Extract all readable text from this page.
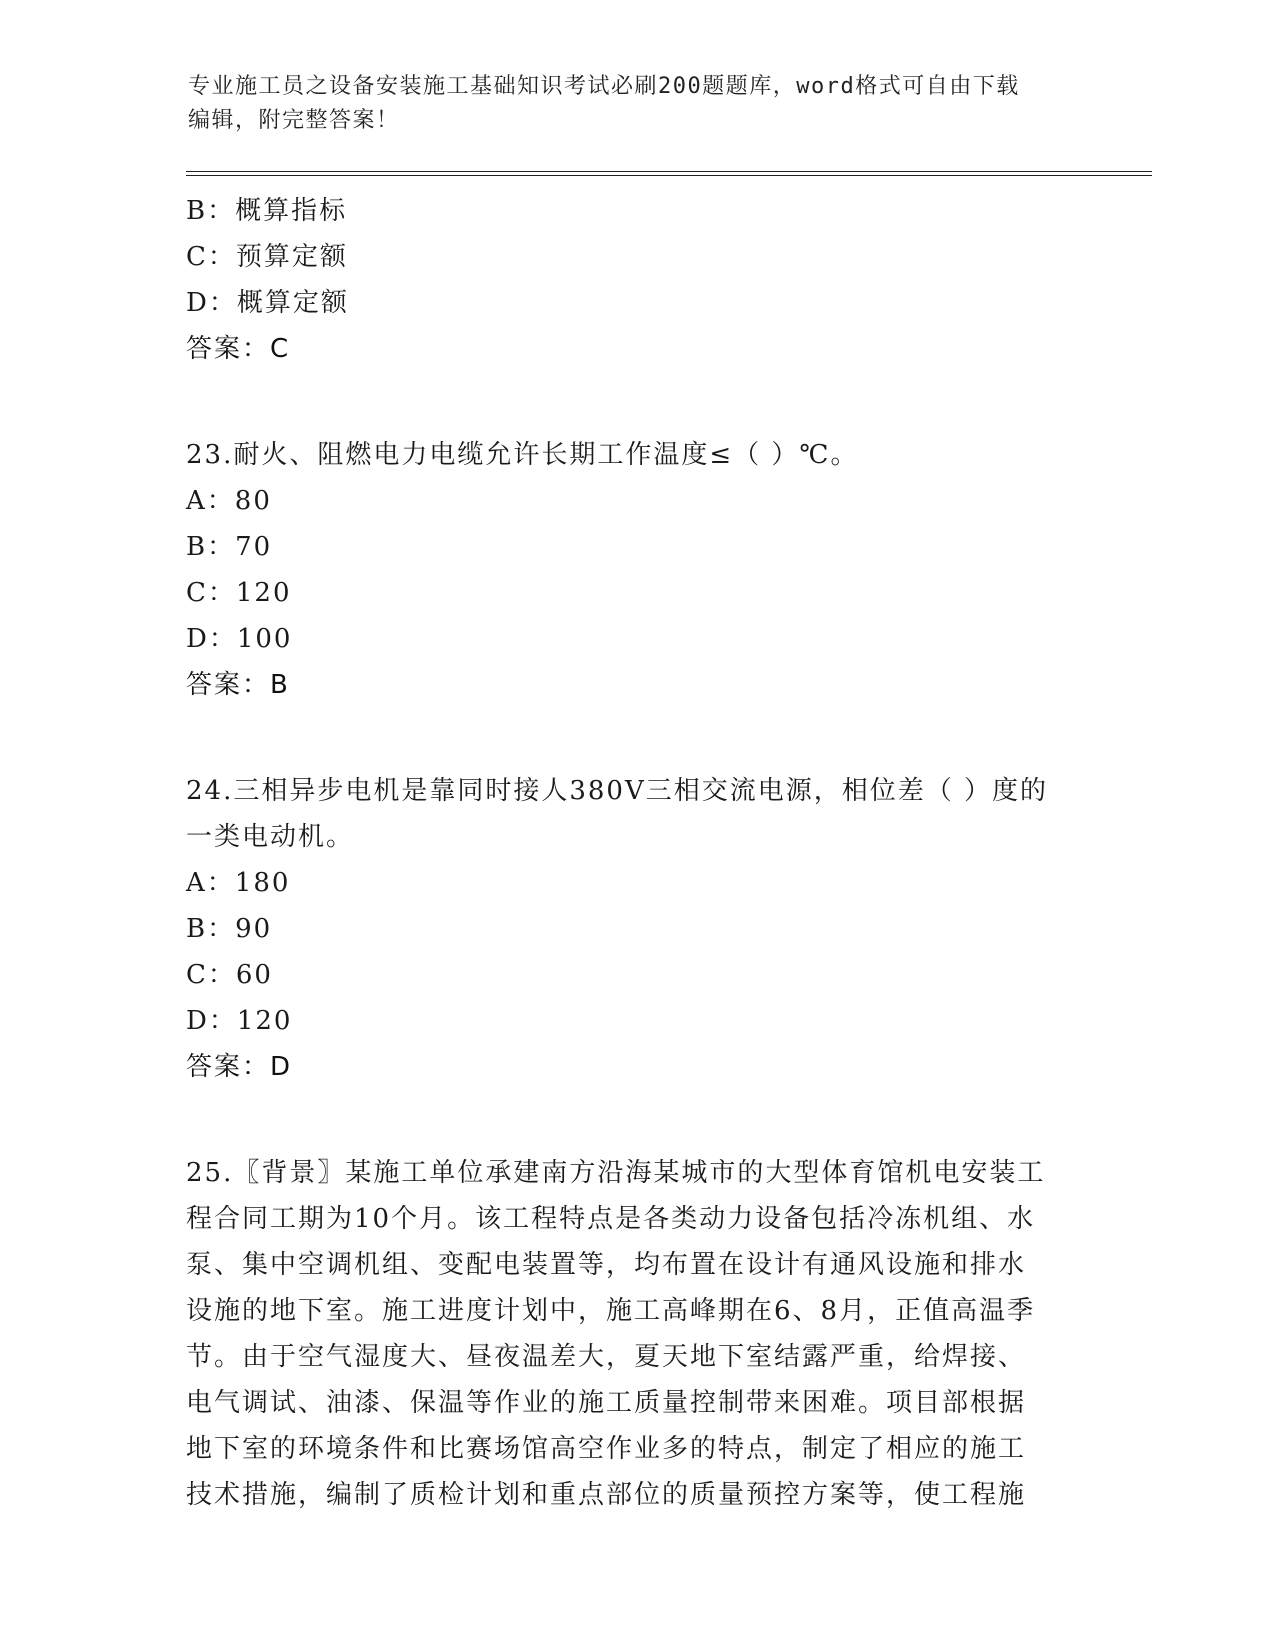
专业施工员之设备安装施工基础知识考试必刷200题题库，word格式可自由下载
编辑，附完整答案！
B：概算指标
C：预算定额
D：概算定额
答案：C
23.耐火、阻燃电力电缆允许长期工作温度≤（ ）℃。
A：80
B：70
C：120
D：100
答案：B
24.三相异步电机是靠同时接人380V三相交流电源，相位差（ ）度的
一类电动机。
A：180
B：90
C：60
D：120
答案：D
25.〖背景〗某施工单位承建南方沿海某城市的大型体育馆机电安装工
程合同工期为10个月。该工程特点是各类动力设备包括冷冻机组、水
泵、集中空调机组、变配电装置等，均布置在设计有通风设施和排水
设施的地下室。施工进度计划中，施工高峰期在6、8月，正值高温季
节。由于空气湿度大、昼夜温差大，夏天地下室结露严重，给焊接、
电气调试、油漆、保温等作业的施工质量控制带来困难。项目部根据
地下室的环境条件和比赛场馆高空作业多的特点，制定了相应的施工
技术措施，编制了质检计划和重点部位的质量预控方案等，使工程施
